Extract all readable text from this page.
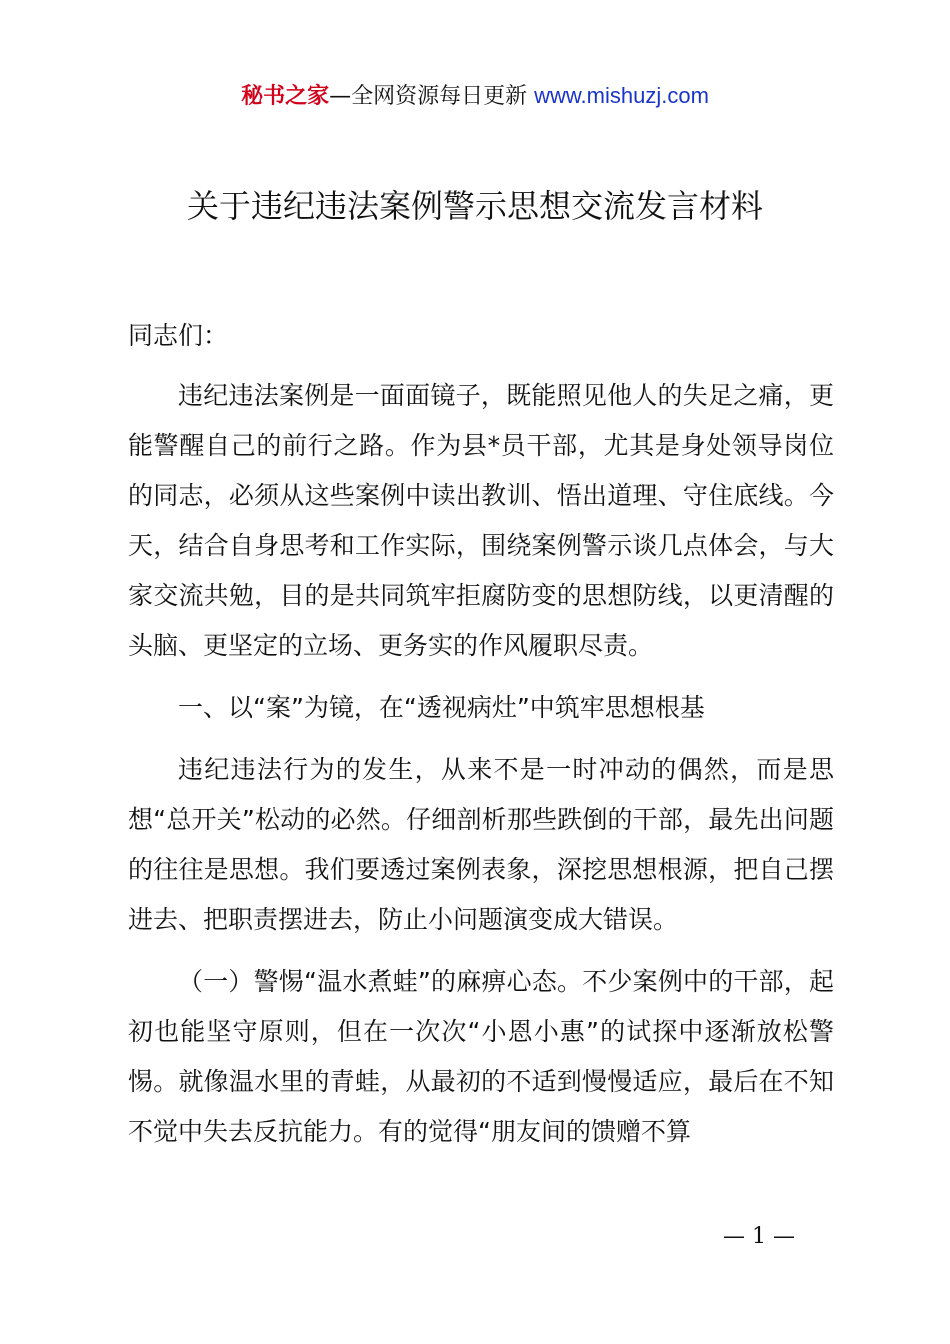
秘书之家—全网资源每日更新 www.mishuzj.com
关于违纪违法案例警示思想交流发言材料

同志们：

违纪违法案例是一面面镜子，既能照见他人的失足之痛，更能警醒自己的前行之路。作为县*员干部，尤其是身处领导岗位的同志，必须从这些案例中读出教训、悟出道理、守住底线。今天，结合自身思考和工作实际，围绕案例警示谈几点体会，与大家交流共勉，目的是共同筑牢拒腐防变的思想防线，以更清醒的头脑、更坚定的立场、更务实的作风履职尽责。

一、以“案”为镜，在“透视病灶”中筑牢思想根基

违纪违法行为的发生，从来不是一时冲动的偶然，而是思想“总开关”松动的必然。仔细剖析那些跌倒的干部，最先出问题的往往是思想。我们要透过案例表象，深挖思想根源，把自己摆进去、把职责摆进去，防止小问题演变成大错误。

（一）警惕“温水煮蛙”的麻痹心态。不少案例中的干部，起初也能坚守原则，但在一次次“小恩小惠”的试探中逐渐放松警惕。就像温水里的青蛙，从最初的不适到慢慢适应，最后在不知不觉中失去反抗能力。有的觉得“朋友间的馈赠不算

— 1 —
